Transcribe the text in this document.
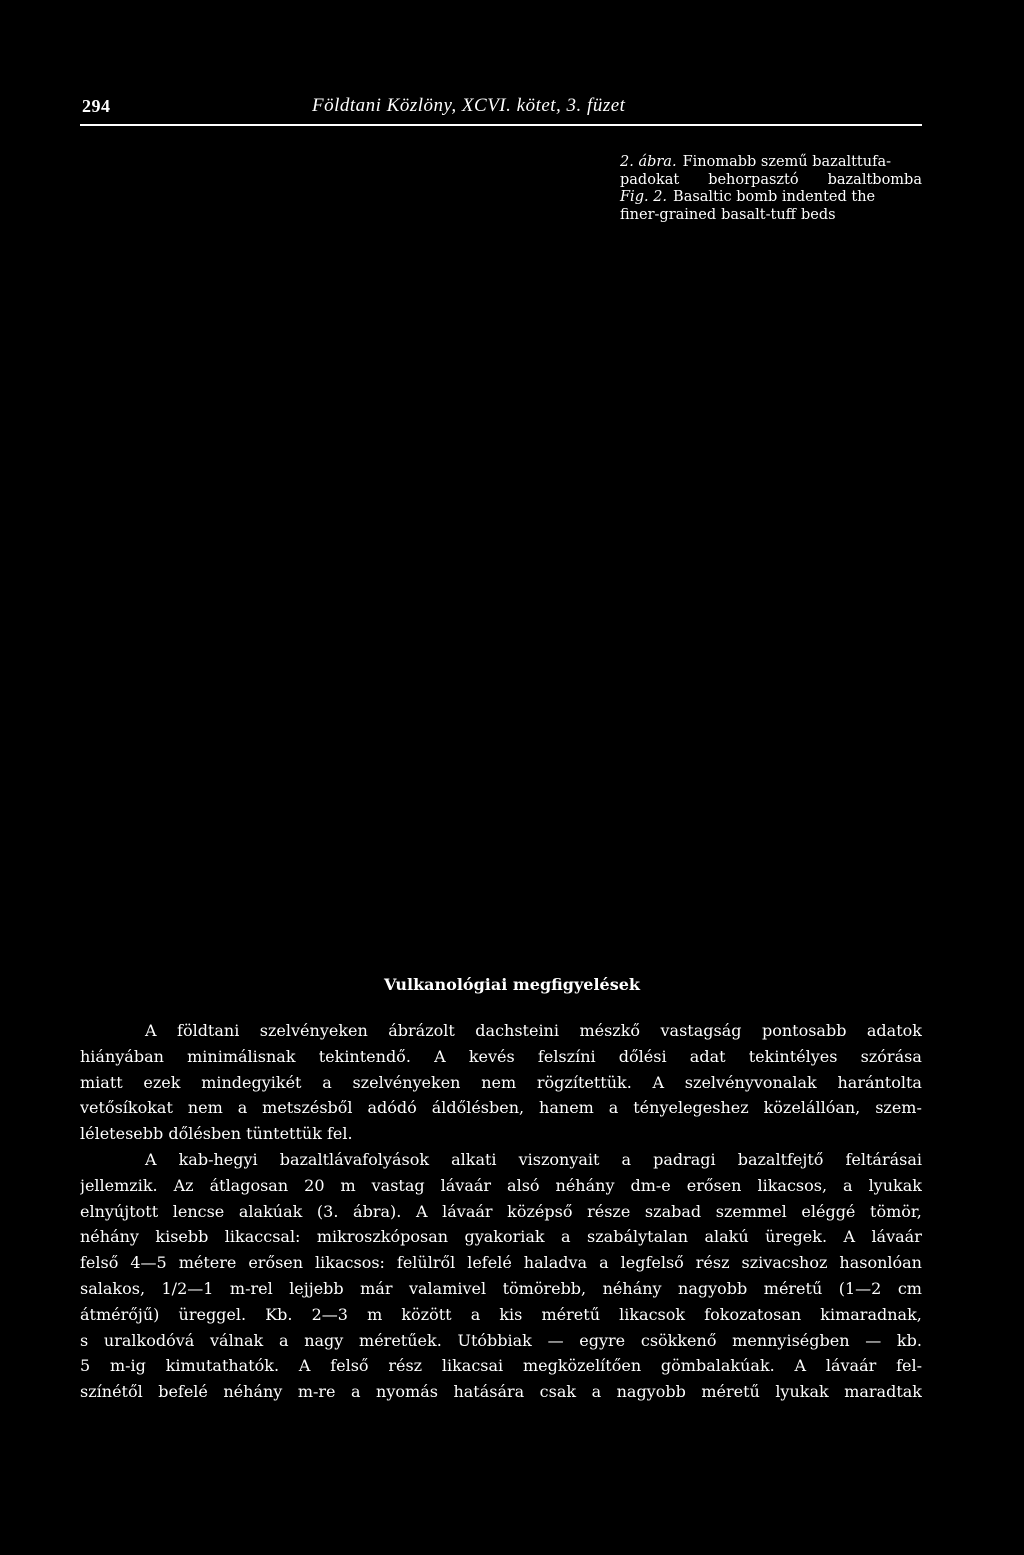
294	Földtani Közlöny, XCVI. kötet, 3. füzet
2. ábra. Finomabb szemű bazalttufa-
padokat behorpasztó bazaltbomba
Fig. 2. Basaltic bomb indented the
finer-grained basalt-tuff beds
Vulkanológiai megfigyelések
A földtani szelvényeken ábrázolt dachsteini mészkő vastagság pontosabb adatok
hiányában minimálisnak tekintendő. A kevés felszíni dőlési adat tekintélyes szórása
miatt ezek mindegyikét a szelvényeken nem rögzítettük. A szelvényvonalak harántolta
vetősíkokat nem a metszésből adódó áldőlésben, hanem a tényelegeshez közelállóan, szem-
léletesebb dőlésben tüntettük fel.
A kab-hegyi bazaltlávafolyások alkati viszonyait a padragi bazaltfejtő feltárásai
jellemzik. Az átlagosan 20 m vastag lávaár alsó néhány dm-e erősen likacsos, a lyukak
elnyújtott lencse alakúak (3. ábra). A lávaár középső része szabad szemmel eléggé tömör,
néhány kisebb likaccsal: mikroszkóposan gyakoriak a szabálytalan alakú üregek. A lávaár
felső 4—5 métere erősen likacsos: felülről lefelé haladva a legfelső rész szivacshoz hasonlóan
salakos, 1/2—1 m-rel lejjebb már valamivel tömörebb, néhány nagyobb méretű (1—2 cm
átmérőjű) üreggel. Kb. 2—3 m között a kis méretű likacsok fokozatosan kimaradnak,
s uralkodóvá válnak a nagy méretűek. Utóbbiak — egyre csökkenő mennyiségben — kb.
5 m-ig kimutathatók. A felső rész likacsai megközelítően gömbalakúak. A lávaár fel-
színétől befelé néhány m-re a nyomás hatására csak a nagyobb méretű lyukak maradtak
